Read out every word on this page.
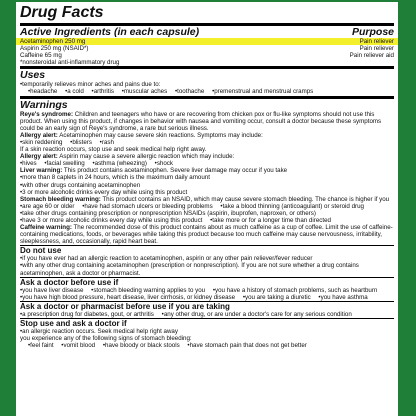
Drug Facts
Active Ingredients (in each capsule)	Purpose
Acetaminophen 250 mg	Pain reliever
Aspirin 250 mg (NSAID*)	Pain reliever
Caffeine 65 mg	Pain reliever aid
*nonsteroidal anti-inflammatory drug
Uses
• temporarily relieves minor aches and pains due to:
• headache • a cold • arthritis • muscular aches • toothache • premenstrual and menstrual cramps
Warnings
Reye's syndrome: Children and teenagers who have or are recovering from chicken pox or flu-like symptoms should not use this product. When using this product, if changes in behavior with nausea and vomiting occur, consult a doctor because these symptoms could be an early sign of Reye's syndrome, a rare but serious illness.
Allergy alert: Acetaminophen may cause severe skin reactions. Symptoms may include:
• skin reddening • blisters • rash
If a skin reaction occurs, stop use and seek medical help right away.
Allergy alert: Aspirin may cause a severe allergic reaction which may include:
• hives • facial swelling • asthma (wheezing) • shock
Liver warning: This product contains acetaminophen. Severe liver damage may occur if you take
• more than 8 caplets in 24 hours, which is the maximum daily amount
• with other drugs containing acetaminophen
• 3 or more alcoholic drinks every day while using this product
Stomach bleeding warning: This product contains an NSAID, which may cause severe stomach bleeding. The chance is higher if you
• are age 60 or older • have had stomach ulcers or bleeding problems • take a blood thinning (anticoagulant) or steroid drug
• take other drugs containing prescription or nonprescription NSAIDs (aspirin, ibuprofen, naproxen, or others)
• have 3 or more alcoholic drinks every day while using this product • take more or for a longer time than directed
Caffeine warning: The recommended dose of this product contains about as much caffeine as a cup of coffee. Limit the use of caffeine-containing medications, foods, or beverages while taking this product because too much caffeine may cause nervousness, irritability, sleeplessness, and, occasionally, rapid heart beat.
Do not use
• if you have ever had an allergic reaction to acetaminophen, aspirin or any other pain reliever/fever reducer
• with any other drug containing acetaminophen (prescription or nonprescription). If you are not sure whether a drug contains acetaminophen, ask a doctor or pharmacist.
Ask a doctor before use if
• you have liver disease • stomach bleeding warning applies to you • you have a history of stomach problems, such as heartburn
• you have high blood pressure, heart disease, liver cirrhosis, or kidney disease • you are taking a diuretic • you have asthma
Ask a doctor or pharmacist before use if you are taking
• a prescription drug for diabetes, gout, or arthritis • any other drug, or are under a doctor's care for any serious condition
Stop use and ask a doctor if
• an allergic reaction occurs. Seek medical help right away
you experience any of the following signs of stomach bleeding:
• feel faint • vomit blood • have bloody or black stools • have stomach pain that does not get better
